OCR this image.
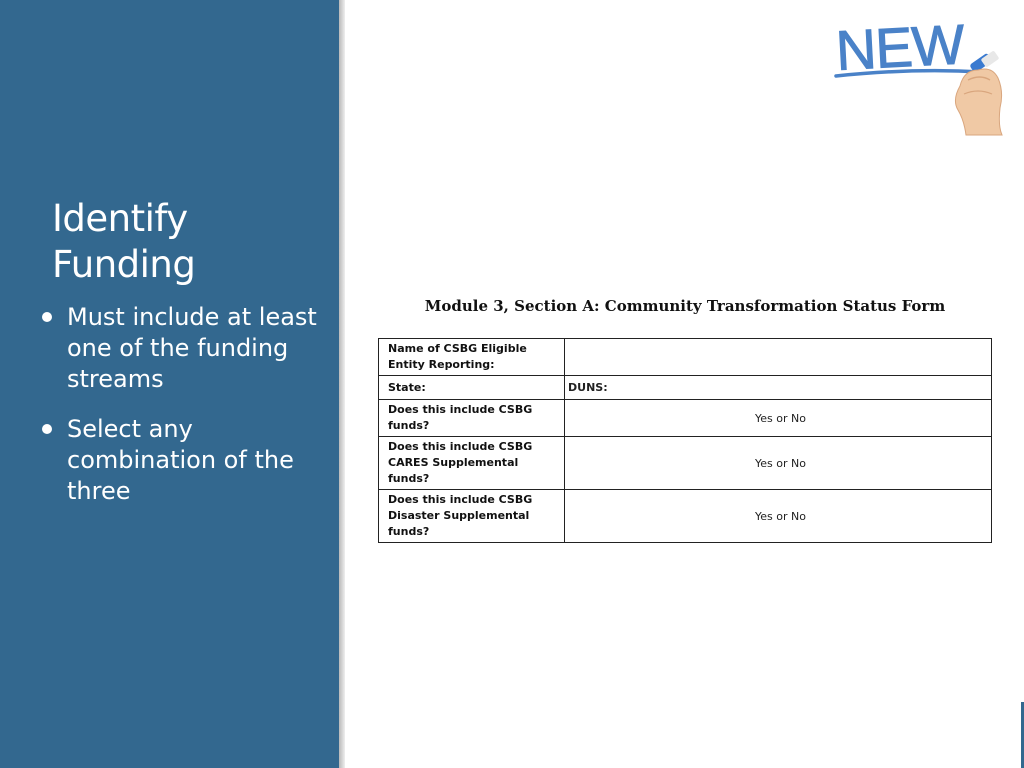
Identify
Funding
Must include at least one of the funding streams
Select any combination of the three
NEW
Module 3, Section A: Community Transformation Status Form
Name of CSBG Eligible Entity Reporting:	
State:	DUNS:
Does this include CSBG funds?	Yes or No
Does this include CSBG CARES Supplemental funds?	Yes or No
Does this include CSBG Disaster Supplemental funds?	Yes or No
